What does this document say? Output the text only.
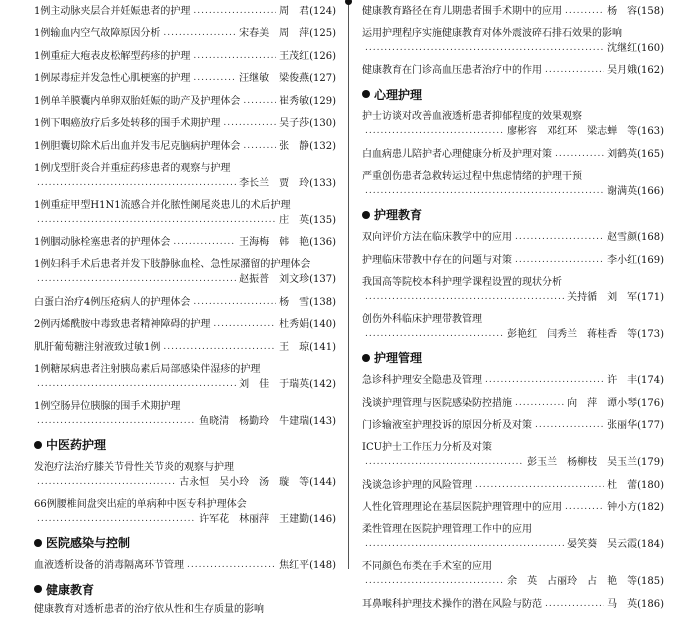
1例主动脉夹层合并妊娠患者的护理 .....	周　君(124)
1例输血内空气故障原因分析 .....	宋春美　周　萍(125)
1例重症大疱表皮松解型药疹的护理 .....	王茂红(126)
1例尿毒症并发急性心肌梗塞的护理 .....	汪继敏　梁俊燕(127)
1例单羊膜囊内单卵双胎妊娠的助产及护理体会 .....	崔秀敏(129)
1例下咽癌放疗后多处转移的围手术期护理 .....	吴子莎(130)
1例胆囊切除术后出血并发韦尼克脑病护理体会 .....	张　静(132)
1例戊型肝炎合并重症药疹患者的观察与护理
.....
李长兰　贾　玲(133)
1例重症甲型H1N1流感合并化脓性阑尾炎患儿的术后护理
.....
庄　英(135)
1例胭动脉栓塞患者的护理体会 .....	王海梅　韩　艳(136)
1例妇科手术后患者并发下肢静脉血栓、急性尿潴留的护理体会
.....
赵振普　刘文珍(137)
白蛋白治疗4例压疮病人的护理体会 .....	杨　雪(138)
2例丙烯酰胺中毒致患者精神障碍的护理 .....	杜秀娟(140)
肌肝葡萄糖注射液致过敏1例 .....	王　琼(141)
1例糖尿病患者注射胰岛素后局部感染伴湿疹的护理
.....
刘　佳　于瑞英(142)
1例空肠异位胰腺的围手术期护理
.....
鱼晓清　杨勤玲　牛建瑞(143)
中医药护理
发泡疗法治疗膝关节骨性关节炎的观察与护理
.....
古永恒　吴小玲　汤　璇　等(144)
66例腰椎间盘突出症的单病种中医专科护理体会
.....
许军花　林丽萍　王建勤(146)
医院感染与控制
血液透析设备的消毒隔离环节管理 .....	焦红平(148)
健康教育
健康教育对透析患者的治疗依从性和生存质量的影响
健康教育路径在育儿期患者围手术期中的应用 .....	杨　容(158)
运用护理程序实施健康教育对体外震波碎石排石效果的影响
.....
沈继红(160)
健康教育在门诊高血压患者治疗中的作用 .....	吴月娥(162)
心理护理
护士访谈对改善血液透析患者抑郁程度的效果观察
.....
廖彬容　邓红环　梁志蝉　等(163)
白血病患儿陪护者心理健康分析及护理对策 .....	刘鹤英(165)
严重创伤患者急救转运过程中焦虑情绪的护理干预
.....
谢满英(166)
护理教育
双向评价方法在临床教学中的应用 .....	赵雪颜(168)
护理临床带教中存在的问题与对策 .....	李小红(169)
我国高等院校本科护理学课程设置的现状分析
.....
关持循　刘　军(171)
创伤外科临床护理带教管理
.....
彭艳红　闫秀兰　蒋桂香　等(173)
护理管理
急诊科护理安全隐患及管理 .....	许　丰(174)
浅谈护理管理与医院感染防控措施 .....	向　萍　谭小琴(176)
门诊输液室护理投诉的原因分析及对策 .....	张丽华(177)
ICU护士工作压力分析及对策
.....
彭玉兰　杨柳枝　吴玉兰(179)
浅谈急诊护理的风险管理 .....	杜　蕾(180)
人性化管理理论在基层医院护理管理中的应用 .....	钟小方(182)
柔性管理在医院护理管理工作中的应用
.....
晏笑葵　吴云霞(184)
不同颜色布类在手术室的应用
.....
余　英　占丽玲　占　艳　等(185)
耳鼻喉科护理技术操作的潜在风险与防范 .....	马　英(186)
